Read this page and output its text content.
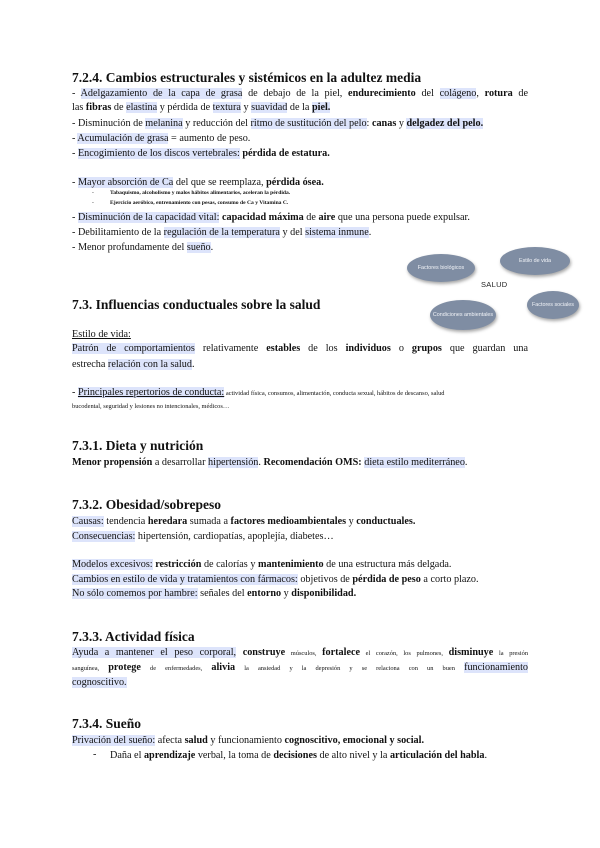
7.2.4. Cambios estructurales y sistémicos en la adultez media
- Adelgazamiento de la capa de grasa de debajo de la piel, endurecimiento del colágeno, rotura de
las fibras de elastina y pérdida de textura y suavidad de la piel.
- Disminución de melanina y reducción del ritmo de sustitución del pelo: canas y delgadez del pelo.
- Acumulación de grasa = aumento de peso.
- Encogimiento de los discos vertebrales: pérdida de estatura.
- Mayor absorción de Ca del que se reemplaza, pérdida ósea.
- Tabaquismo, alcoholismo y malos hábitos alimentarios, aceleran la pérdida.
- Ejercicio aeróbico, entrenamiento con pesas, consumo de Ca y Vitamina C.
- Disminución de la capacidad vital: capacidad máxima de aire que una persona puede expulsar.
- Debilitamiento de la regulación de la temperatura y del sistema inmune.
- Menor profundamente del sueño.
Factores biológicos
Estilo de vida
SALUD
Factores sociales
Condiciones ambientales
7.3. Influencias conductuales sobre la salud
Estilo de vida:
Patrón de comportamientos relativamente estables de los individuos o grupos que guardan una
estrecha relación con la salud.
- Principales repertorios de conducta: actividad física, consumos, alimentación, conducta sexual, hábitos de descanso, salud
bucodental, seguridad y lesiones no intencionales, médicos…
7.3.1. Dieta y nutrición
Menor propensión a desarrollar hipertensión. Recomendación OMS: dieta estilo mediterráneo.
7.3.2. Obesidad/sobrepeso
Causas: tendencia heredara sumada a factores medioambientales y conductuales.
Consecuencias: hipertensión, cardiopatías, apoplejía, diabetes…
Modelos excesivos: restricción de calorías y mantenimiento de una estructura más delgada.
Cambios en estilo de vida y tratamientos con fármacos: objetivos de pérdida de peso a corto plazo.
No sólo comemos por hambre: señales del entorno y disponibilidad.
7.3.3. Actividad física
Ayuda a mantener el peso corporal, construye músculos, fortalece el corazón, los pulmones, disminuye la presión
sanguínea, protege de enfermedades, alivia la ansiedad y la depresión y se relaciona con un buen funcionamiento
cognoscitivo.
7.3.4. Sueño
Privación del sueño: afecta salud y funcionamiento cognoscitivo, emocional y social.
- Daña el aprendizaje verbal, la toma de decisiones de alto nivel y la articulación del habla.
